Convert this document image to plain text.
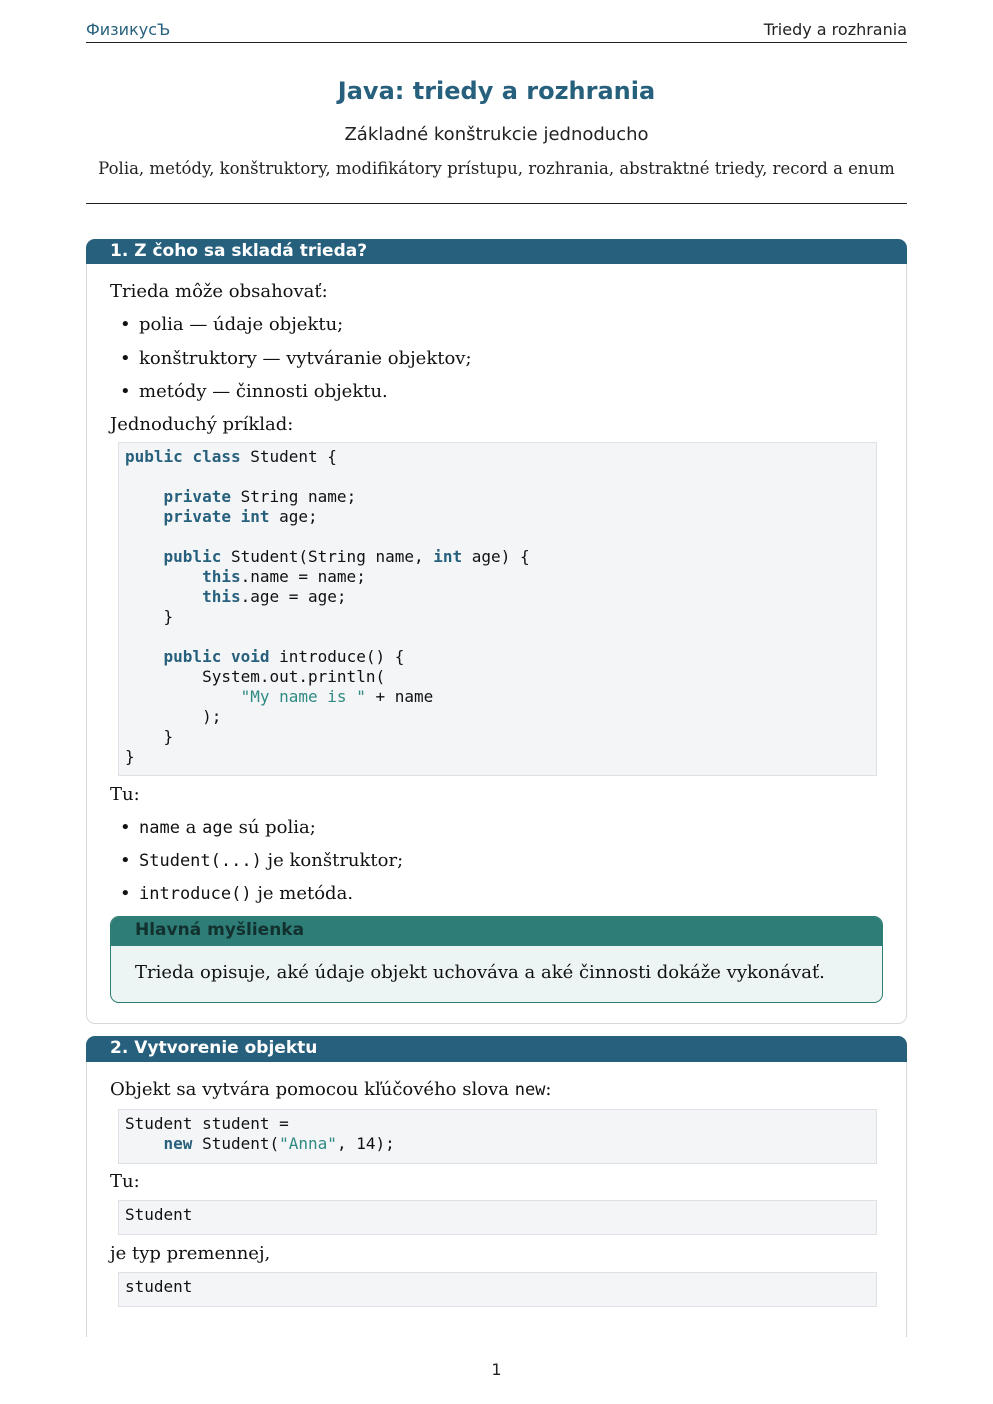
ФизикусЪ	Triedy a rozhrania
Java: triedy a rozhrania
Základné konštrukcie jednoducho
Polia, metódy, konštruktory, modifikátory prístupu, rozhrania, abstraktné triedy, record a enum
1. Z čoho sa skladá trieda?
Trieda môže obsahovať:
• polia — údaje objektu;
• konštruktory — vytváranie objektov;
• metódy — činnosti objektu.
Jednoduchý príklad:
public class Student {

private String name;
private int age;

public Student(String name, int age) {
this.name = name;
this.age = age;
}

public void introduce() {
System.out.println(
"My name is " + name
);
}
}
Tu:
• name a age sú polia;
• Student(...) je konštruktor;
• introduce() je metóda.
Hlavná myšlienka
Trieda opisuje, aké údaje objekt uchováva a aké činnosti dokáže vykonávať.
2. Vytvorenie objektu
Objekt sa vytvára pomocou kľúčového slova new:
Student student =
new Student("Anna", 14);
Tu:
Student
je typ premennej,
student
1
